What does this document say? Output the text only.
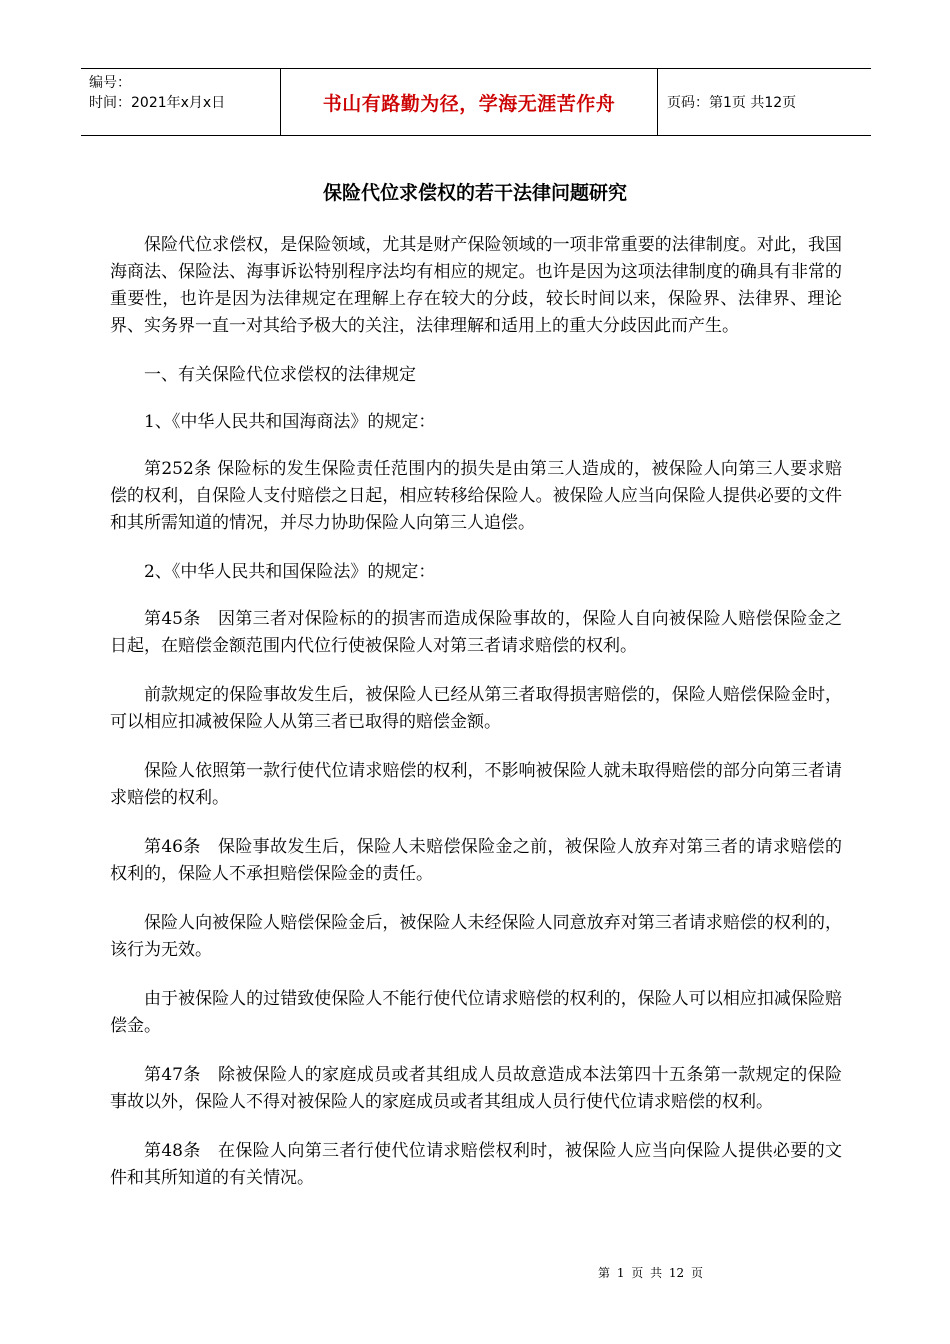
编号：
时间：2021年x月x日	书山有路勤为径，学海无涯苦作舟	页码：第1页 共12页
保险代位求偿权的若干法律问题研究

保险代位求偿权，是保险领域，尤其是财产保险领域的一项非常重要的法律制度。对此，我国海商法、保险法、海事诉讼特别程序法均有相应的规定。也许是因为这项法律制度的确具有非常的重要性，也许是因为法律规定在理解上存在较大的分歧，较长时间以来，保险界、法律界、理论界、实务界一直一对其给予极大的关注，法律理解和适用上的重大分歧因此而产生。

一、有关保险代位求偿权的法律规定

1、《中华人民共和国海商法》的规定：

第252条 保险标的发生保险责任范围内的损失是由第三人造成的，被保险人向第三人要求赔偿的权利，自保险人支付赔偿之日起，相应转移给保险人。被保险人应当向保险人提供必要的文件和其所需知道的情况，并尽力协助保险人向第三人追偿。

2、《中华人民共和国保险法》的规定：

第45条　因第三者对保险标的的损害而造成保险事故的，保险人自向被保险人赔偿保险金之日起，在赔偿金额范围内代位行使被保险人对第三者请求赔偿的权利。

前款规定的保险事故发生后，被保险人已经从第三者取得损害赔偿的，保险人赔偿保险金时，可以相应扣减被保险人从第三者已取得的赔偿金额。

保险人依照第一款行使代位请求赔偿的权利，不影响被保险人就未取得赔偿的部分向第三者请求赔偿的权利。

第46条　保险事故发生后，保险人未赔偿保险金之前，被保险人放弃对第三者的请求赔偿的权利的，保险人不承担赔偿保险金的责任。

保险人向被保险人赔偿保险金后，被保险人未经保险人同意放弃对第三者请求赔偿的权利的，该行为无效。

由于被保险人的过错致使保险人不能行使代位请求赔偿的权利的，保险人可以相应扣减保险赔偿金。

第47条　除被保险人的家庭成员或者其组成人员故意造成本法第四十五条第一款规定的保险事故以外，保险人不得对被保险人的家庭成员或者其组成人员行使代位请求赔偿的权利。

第48条　在保险人向第三者行使代位请求赔偿权利时，被保险人应当向保险人提供必要的文件和其所知道的有关情况。

第 1 页 共 12 页
